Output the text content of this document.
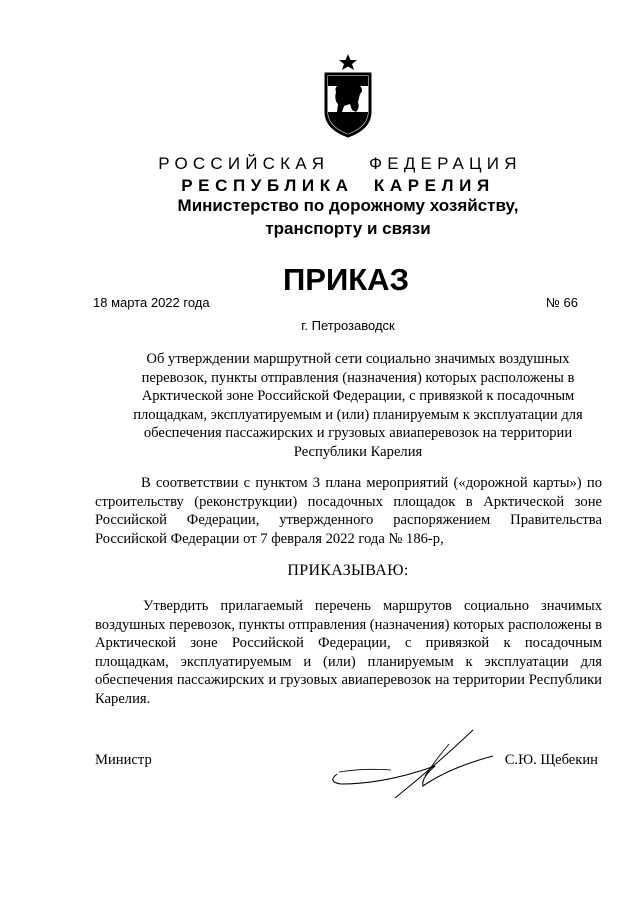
РОССИЙСКАЯ ФЕДЕРАЦИЯ
РЕСПУБЛИКА КАРЕЛИЯ
Министерство по дорожному хозяйству,
транспорту и связи
ПРИКАЗ
18 марта 2022 года	№ 66
г. Петрозаводск
Об утверждении маршрутной сети социально значимых воздушных перевозок, пункты отправления (назначения) которых расположены в Арктической зоне Российской Федерации, с привязкой к посадочным площадкам, эксплуатируемым и (или) планируемым к эксплуатации для обеспечения пассажирских и грузовых авиаперевозок на территории Республики Карелия
В соответствии с пунктом 3 плана мероприятий («дорожной карты») по строительству (реконструкции) посадочных площадок в Арктической зоне Российской Федерации, утвержденного распоряжением Правительства Российской Федерации от 7 февраля 2022 года № 186-р,
ПРИКАЗЫВАЮ:
Утвердить прилагаемый перечень маршрутов социально значимых воздушных перевозок, пункты отправления (назначения) которых расположены в Арктической зоне Российской Федерации, с привязкой к посадочным площадкам, эксплуатируемым и (или) планируемым к эксплуатации для обеспечения пассажирских и грузовых авиаперевозок на территории Республики Карелия.
Министр	С.Ю. Щебекин
